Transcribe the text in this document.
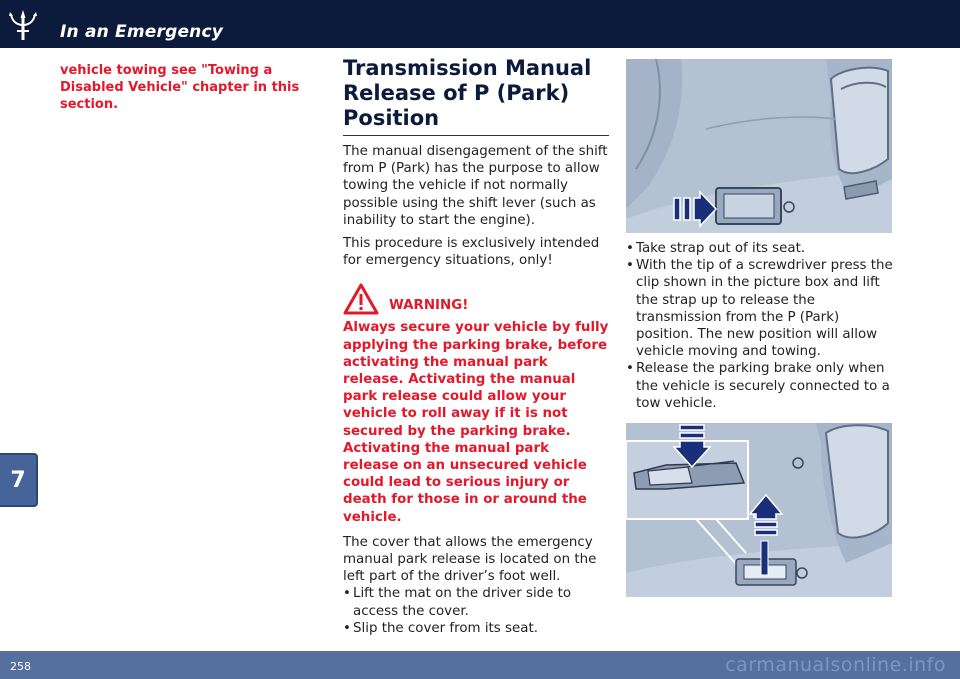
In an Emergency
7
vehicle towing see "Towing a Disabled Vehicle" chapter in this section.
Transmission Manual Release of P (Park) Position

The manual disengagement of the shift from P (Park) has the purpose to allow towing the vehicle if not normally possible using the shift lever (such as inability to start the engine).

This procedure is exclusively intended for emergency situations, only!

WARNING!

Always secure your vehicle by fully applying the parking brake, before activating the manual park release. Activating the manual park release could allow your vehicle to roll away if it is not secured by the parking brake. Activating the manual park release on an unsecured vehicle could lead to serious injury or death for those in or around the vehicle.

The cover that allows the emergency manual park release is located on the left part of the driver’s foot well.

• Lift the mat on the driver side to access the cover.
• Slip the cover from its seat.
• Take strap out of its seat.
• With the tip of a screwdriver press the clip shown in the picture box and lift the strap up to release the transmission from the P (Park) position. The new position will allow vehicle moving and towing.
• Release the parking brake only when the vehicle is securely connected to a tow vehicle.
258	carmanualsonline.info
